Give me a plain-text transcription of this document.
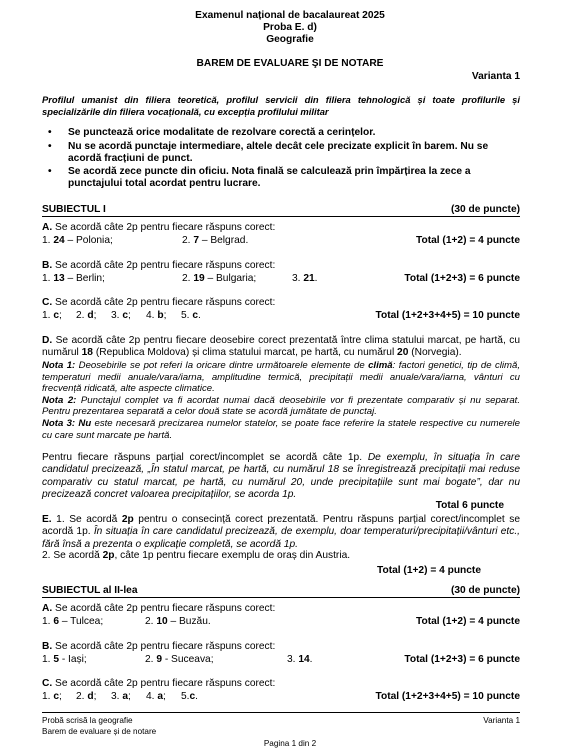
Examenul național de bacalaureat 2025
Proba E. d)
Geografie
BAREM DE EVALUARE ŞI DE NOTARE
Varianta 1
Profilul umanist din filiera teoretică, profilul servicii din filiera tehnologică și toate profilurile și specializările din filiera vocațională, cu excepția profilului militar
• Se punctează orice modalitate de rezolvare corectă a cerințelor.
• Nu se acordă punctaje intermediare, altele decât cele precizate explicit în barem. Nu se acordă fracțiuni de punct.
• Se acordă zece puncte din oficiu. Nota finală se calculează prin împărțirea la zece a punctajului total acordat pentru lucrare.
SUBIECTUL I	(30 de puncte)
A. Se acordă câte 2p pentru fiecare răspuns corect:
1. 24 – Polonia;	2. 7 – Belgrad.	Total (1+2) = 4 puncte
B. Se acordă câte 2p pentru fiecare răspuns corect:
1. 13 – Berlin;	2. 19 – Bulgaria;	3. 21.	Total (1+2+3) = 6 puncte
C. Se acordă câte 2p pentru fiecare răspuns corect:
1. c; 2. d; 3. c; 4. b; 5. c.	Total (1+2+3+4+5) = 10 puncte
D. Se acordă câte 2p pentru fiecare deosebire corect prezentată între clima statului marcat, pe hartă, cu numărul 18 (Republica Moldova) și clima statului marcat, pe hartă, cu numărul 20 (Norvegia).
Nota 1: Deosebirile se pot referi la oricare dintre următoarele elemente de climă: factori genetici, tip de climă, temperaturi medii anuale/vara/iarna, amplitudine termică, precipitații medii anuale/vara/iarna, vânturi cu frecvență ridicată, alte aspecte climatice.
Nota 2: Punctajul complet va fi acordat numai dacă deosebirile vor fi prezentate comparativ și nu separat. Pentru prezentarea separată a celor două state se acordă jumătate de punctaj.
Nota 3: Nu este necesară precizarea numelor statelor, se poate face referire la statele respective cu numerele cu care sunt marcate pe hartă.
Pentru fiecare răspuns parțial corect/incomplet se acordă câte 1p. De exemplu, în situația în care candidatul precizează, „În statul marcat, pe hartă, cu numărul 18 se înregistrează precipitații mai reduse comparativ cu statul marcat, pe hartă, cu numărul 20, unde precipitațiile sunt mai bogate”, dar nu precizează concret valoarea precipitațiilor, se acorda 1p.
Total 6 puncte
E. 1. Se acordă 2p pentru o consecință corect prezentată. Pentru răspuns parțial corect/incomplet se acordă 1p. În situația în care candidatul precizează, de exemplu, doar temperaturi/precipitații/vânturi etc., fără însă a prezenta o explicație completă, se acordă 1p.
2. Se acordă 2p, câte 1p pentru fiecare exemplu de oraș din Austria.
Total (1+2) = 4 puncte
SUBIECTUL al II-lea	(30 de puncte)
A. Se acordă câte 2p pentru fiecare răspuns corect:
1. 6 – Tulcea;	2. 10 – Buzău.	Total (1+2) = 4 puncte
B. Se acordă câte 2p pentru fiecare răspuns corect:
1. 5 - Iași;	2. 9 - Suceava;	3. 14.	Total (1+2+3) = 6 puncte
C. Se acordă câte 2p pentru fiecare răspuns corect:
1. c; 2. d; 3. a; 4. a; 5.c.	Total (1+2+3+4+5) = 10 puncte
Probă scrisă la geografie
Barem de evaluare și de notare
Varianta 1
Pagina 1 din 2
